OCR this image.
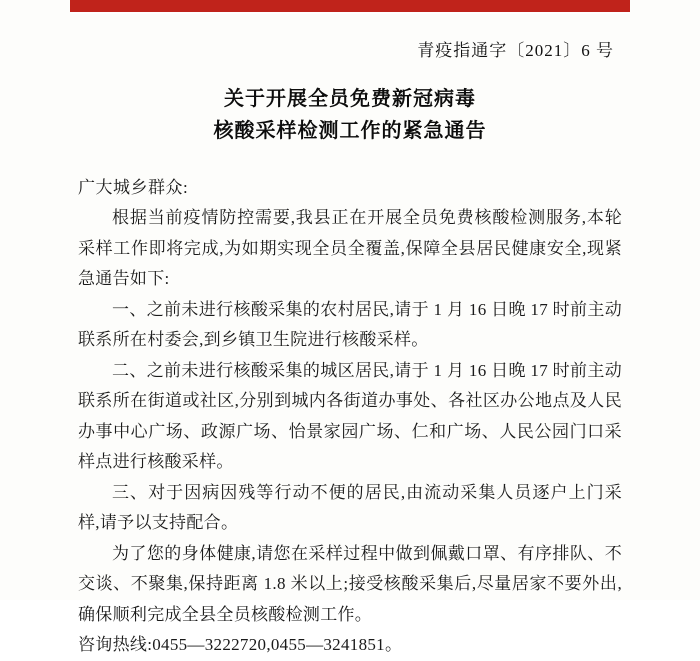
青疫指通字〔2021〕6 号
关于开展全员免费新冠病毒
核酸采样检测工作的紧急通告
广大城乡群众:

根据当前疫情防控需要,我县正在开展全员免费核酸检测服务,本轮采样工作即将完成,为如期实现全员全覆盖,保障全县居民健康安全,现紧急通告如下:

一、之前未进行核酸采集的农村居民,请于 1 月 16 日晚 17 时前主动联系所在村委会,到乡镇卫生院进行核酸采样。

二、之前未进行核酸采集的城区居民,请于 1 月 16 日晚 17 时前主动联系所在街道或社区,分别到城内各街道办事处、各社区办公地点及人民办事中心广场、政源广场、怡景家园广场、仁和广场、人民公园门口采样点进行核酸采样。

三、对于因病因残等行动不便的居民,由流动采集人员逐户上门采样,请予以支持配合。

为了您的身体健康,请您在采样过程中做到佩戴口罩、有序排队、不交谈、不聚集,保持距离 1.8 米以上;接受核酸采集后,尽量居家不要外出,确保顺利完成全县全员核酸检测工作。

咨询热线:0455—3222720,0455—3241851。
